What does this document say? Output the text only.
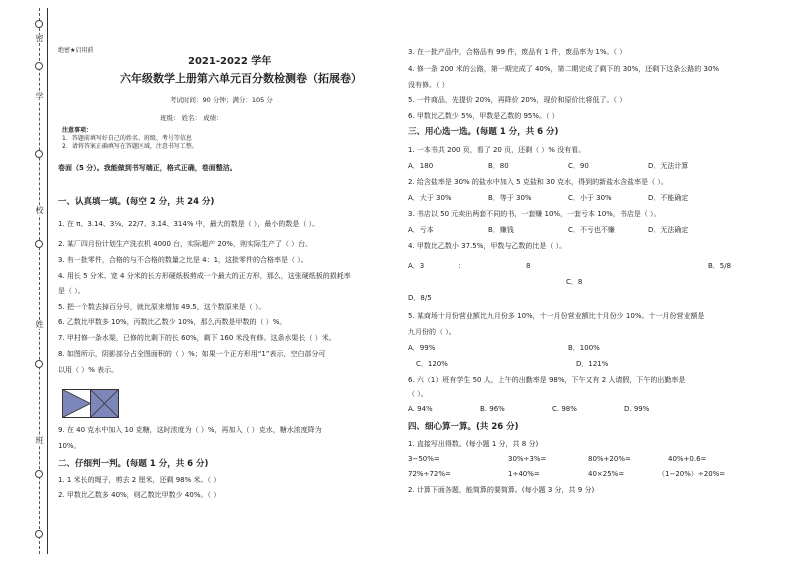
密
学
校
姓
班
绝密★启用前
2021-2022 学年
六年级数学上册第六单元百分数检测卷（拓展卷）
考试时间：90 分钟；满分：105 分
班级： 姓名： 成绩：
注意事项：
1．答题前填写好自己的姓名、班级、考号等信息
2．请将答案正确填写在答题区域，注意书写工整。
卷面（5 分）。我能做到书写端正，格式正确，卷面整洁。
一、认真填一填。(每空 2 分，共 24 分)
1. 在 π、3.14、3⅛、22/7、3.1̇4̇、314% 中，最大的数是（ ），最小的数是（ ）。
2. 某厂四月份计划生产洗衣机 4000 台，实际超产 20%，则实际生产了（ ）台。
3. 有一批零件，合格的与不合格的数量之比是 4：1，这批零件的合格率是（ ）。
4. 用长 5 分米、宽 4 分米的长方形硬纸板剪成一个最大的正方形，那么，这张硬纸板的损耗率
是（ ）。
5. 把一个数去掉百分号，就比原来增加 49.5，这个数原来是（ ）。
6. 乙数比甲数多 10%，丙数比乙数少 10%，那么丙数是甲数的（ ）%。
7. 甲村修一条水渠，已修的比剩下的长 60%，剩下 160 米没有修。这条水渠长（ ）米。
8. 如图所示，阴影部分占全图面积的（ ）%；如果一个正方形用“1”表示，空白部分可
以用（ ）% 表示。
9. 在 40 克水中加入 10 克糖，这时浓度为（ ）%，再加入（ ）克水，糖水浓度降为
10%。
二、仔细判一判。(每题 1 分，共 6 分)
1. 1 米长的绳子，剪去 2 厘米，还剩 98% 米。（ ）
2. 甲数比乙数多 40%，则乙数比甲数少 40%。（ ）
3. 在一批产品中，合格品有 99 件，废品有 1 件，废品率为 1%。（ ）
4. 修一条 200 米的公路，第一期完成了 40%，第二期完成了剩下的 30%，还剩下这条公路的 30%
没有修。（ ）
5. 一件商品，先提价 20%，再降价 20%，现价和原价比将低了。（ ）
6. 甲数比乙数少 5%，甲数是乙数的 95%。（ ）
三、用心选一选。(每题 1 分，共 6 分)
1. 一本书共 200 页，看了 20 页，还剩（ ）% 没有看。
A．180	B．80	C．90	D．无法计算
2. 给含盐率是 30% 的盐水中加入 5 克盐和 30 克水，得到的新盐水含盐率是（ ）。
A．大于 30%	B．等于 30%	C．小于 30%	D．不能确定
3. 书店以 50 元卖出两套不同的书，一套赚 10%，一套亏本 10%，书店是（ ）。
A．亏本	B．赚钱	C．不亏也不赚	D．无法确定
4. 甲数比乙数小 37.5%，甲数与乙数的比是（ ）。
A．3	：	8	B．5/8
C．8
D．8/5
5. 某商场十月份营业额比九月份多 10%，十一月份营业额比十月份少 10%。十一月份营业额是
九月份的（ ）。
A．99%	B．100%
C．120%	D．121%
6. 六（1）班有学生 50 人，上午的出勤率是 98%，下午又有 2 人请假，下午的出勤率是
（ ）。
A. 94%	B. 96%	C. 98%	D. 99%
四、细心算一算。(共 26 分)
1. 直接写出得数。(每小题 1 分，共 8 分)
3−50%=	30%÷3%=	80%+20%=	40%+0.6=
72%÷72%=	1÷40%=	40×25%=	（1−20%）÷20%=
2. 计算下面各题，能简算的要简算。(每小题 3 分，共 9 分)
